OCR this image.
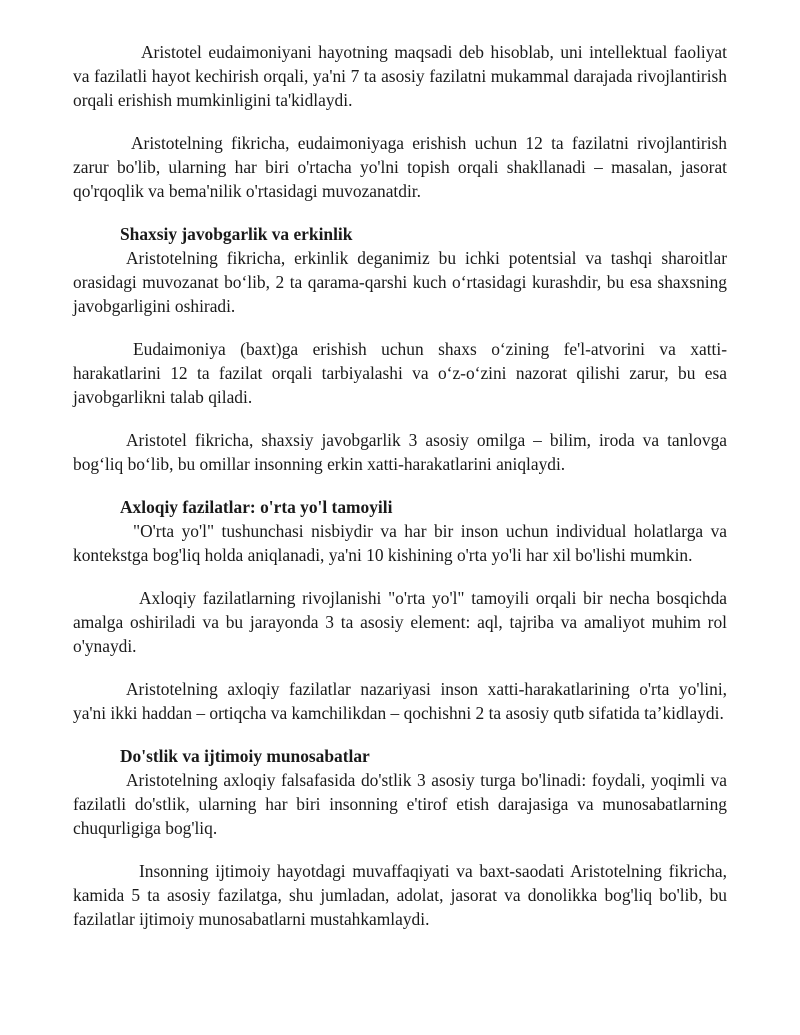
Aristotel eudaimoniyani hayotning maqsadi deb hisoblab, uni intellektual faoliyat va fazilatli hayot kechirish orqali, ya'ni 7 ta asosiy fazilatni mukammal darajada rivojlantirish orqali erishish mumkinligini ta'kidlaydi.

Aristotelning fikricha, eudaimoniyaga erishish uchun 12 ta fazilatni rivojlantirish zarur bo'lib, ularning har biri o'rtacha yo'lni topish orqali shakllanadi – masalan, jasorat qo'rqoqlik va bema'nilik o'rtasidagi muvozanatdir.

Shaxsiy javobgarlik va erkinlik

Aristotelning fikricha, erkinlik deganimiz bu ichki potentsial va tashqi sharoitlar orasidagi muvozanat bo‘lib, 2 ta qarama-qarshi kuch o‘rtasidagi kurashdir, bu esa shaxsning javobgarligini oshiradi.

Eudaimoniya (baxt)ga erishish uchun shaxs o‘zining fe'l-atvorini va xatti-harakatlarini 12 ta fazilat orqali tarbiyalashi va o‘z-o‘zini nazorat qilishi zarur, bu esa javobgarlikni talab qiladi.

Aristotel fikricha, shaxsiy javobgarlik 3 asosiy omilga – bilim, iroda va tanlovga bog‘liq bo‘lib, bu omillar insonning erkin xatti-harakatlarini aniqlaydi.

Axloqiy fazilatlar: o'rta yo'l tamoyili

"O'rta yo'l" tushunchasi nisbiydir va har bir inson uchun individual holatlarga va kontekstga bog'liq holda aniqlanadi, ya'ni 10 kishining o'rta yo'li har xil bo'lishi mumkin.

Axloqiy fazilatlarning rivojlanishi "o'rta yo'l" tamoyili orqali bir necha bosqichda amalga oshiriladi va bu jarayonda 3 ta asosiy element: aql, tajriba va amaliyot muhim rol o'ynaydi.

Aristotelning axloqiy fazilatlar nazariyasi inson xatti-harakatlarining o'rta yo'lini, ya'ni ikki haddan – ortiqcha va kamchilikdan – qochishni 2 ta asosiy qutb sifatida ta’kidlaydi.

Do'stlik va ijtimoiy munosabatlar

Aristotelning axloqiy falsafasida do'stlik 3 asosiy turga bo'linadi: foydali, yoqimli va fazilatli do'stlik, ularning har biri insonning e'tirof etish darajasiga va munosabatlarning chuqurligiga bog'liq.

Insonning ijtimoiy hayotdagi muvaffaqiyati va baxt-saodati Aristotelning fikricha, kamida 5 ta asosiy fazilatga, shu jumladan, adolat, jasorat va donolikka bog'liq bo'lib, bu fazilatlar ijtimoiy munosabatlarni mustahkamlaydi.
